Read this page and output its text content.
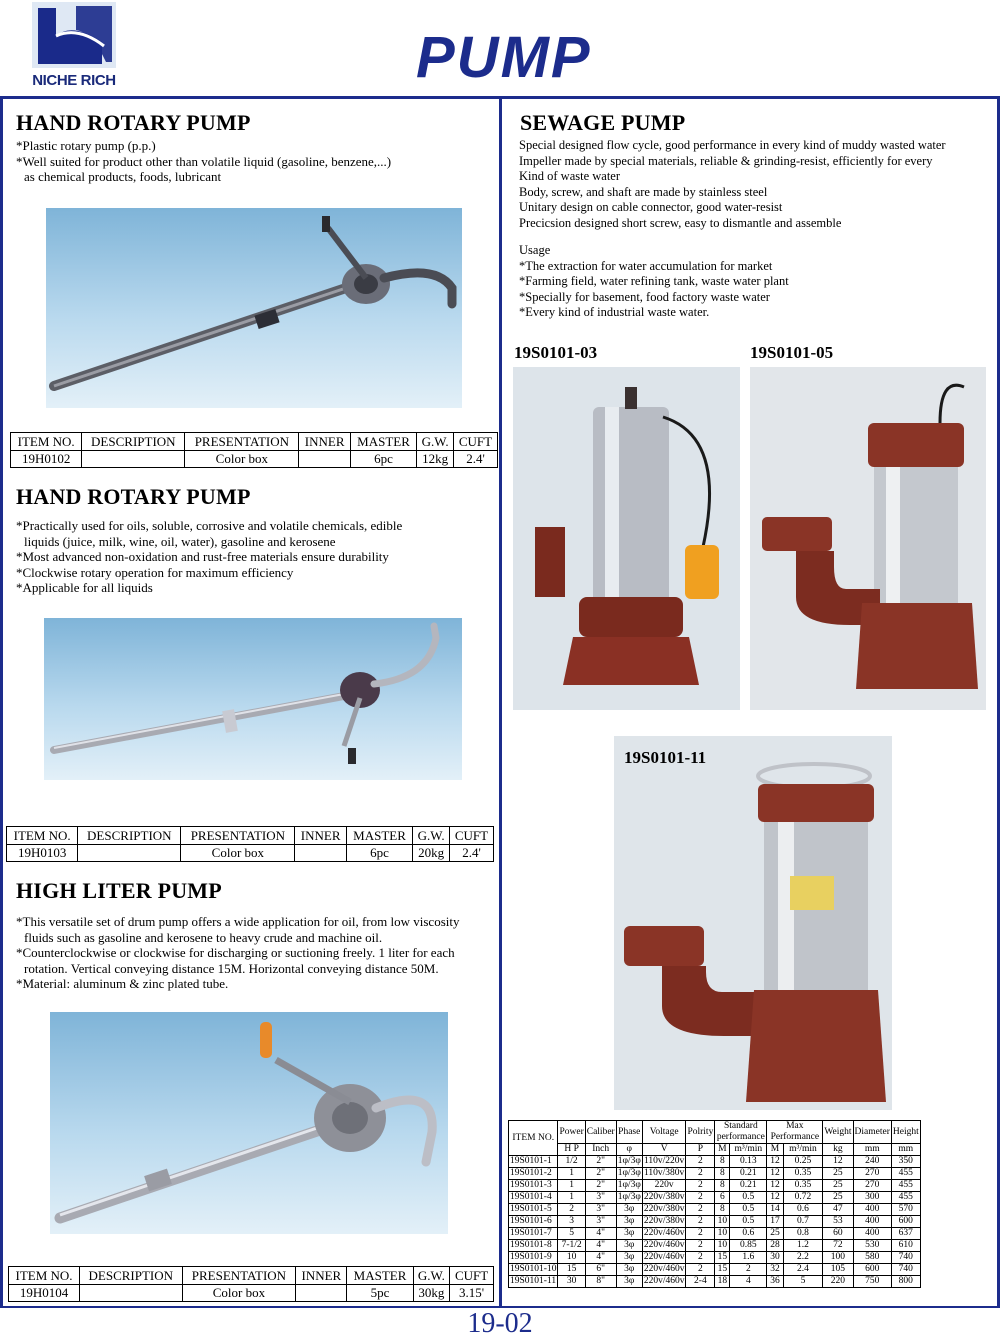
NICHE RICH	PUMP
HAND ROTARY PUMP
*Plastic rotary pump (p.p.)
*Well suited for product other than volatile liquid (gasoline, benzene,...)
as chemical products, foods, lubricant
ITEM NO.	DESCRIPTION	PRESENTATION	INNER	MASTER	G.W.	CUFT
19H0102		Color box		6pc	12kg	2.4'
HAND ROTARY PUMP
*Practically used for oils, soluble, corrosive and volatile chemicals, edible
liquids (juice, milk, wine, oil, water), gasoline and kerosene
*Most advanced non-oxidation and rust-free materials ensure durability
*Clockwise rotary operation for maximum efficiency
*Applicable for all liquids
ITEM NO.	DESCRIPTION	PRESENTATION	INNER	MASTER	G.W.	CUFT
19H0103		Color box		6pc	20kg	2.4'
HIGH LITER PUMP
*This versatile set of drum pump offers a wide application for oil, from low viscosity
fluids such as gasoline and kerosene to heavy crude and machine oil.
*Counterclockwise or clockwise for discharging or suctioning freely. 1 liter for each
rotation. Vertical conveying distance 15M. Horizontal conveying distance 50M.
*Material: aluminum & zinc plated tube.
ITEM NO.	DESCRIPTION	PRESENTATION	INNER	MASTER	G.W.	CUFT
19H0104		Color box		5pc	30kg	3.15'
SEWAGE PUMP
Special designed flow cycle, good performance in every kind of muddy wasted water
Impeller made by special materials, reliable & grinding-resist, efficiently for every
Kind of waste water
Body, screw, and shaft are made by stainless steel
Unitary design on cable connector, good water-resist
Precicsion designed short screw, easy to dismantle and assemble
Usage
*The extraction for water accumulation for market
*Farming field, water refining tank, waste water plant
*Specially for basement, food factory waste water
*Every kind of industrial waste water.
19S0101-03	19S0101-05
19S0101-11
ITEM NO.	Power	Caliber	Phase	Voltage	Polrity	Standard performance		Max Performance		Weight	Diameter	Height
	H P	Inch	φ	V	P	M	m³/min	M	m³/min	kg	mm	mm
19S0101-1	1/2	2"	1φ/3φ	110v/220v	2	8	0.13	12	0.25	12	240	350
19S0101-2	1	2"	1φ/3φ	110v/380v	2	8	0.21	12	0.35	25	270	455
19S0101-3	1	2"	1φ/3φ	220v	2	8	0.21	12	0.35	25	270	455
19S0101-4	1	3"	1φ/3φ	220v/380v	2	6	0.5	12	0.72	25	300	455
19S0101-5	2	3"	3φ	220v/380v	2	8	0.5	14	0.6	47	400	570
19S0101-6	3	3"	3φ	220v/380v	2	10	0.5	17	0.7	53	400	600
19S0101-7	5	4"	3φ	220v/460v	2	10	0.6	25	0.8	60	400	637
19S0101-8	7-1/2	4"	3φ	220v/460v	2	10	0.85	28	1.2	72	530	610
19S0101-9	10	4"	3φ	220v/460v	2	15	1.6	30	2.2	100	580	740
19S0101-10	15	6"	3φ	220v/460v	2	15	2	32	2.4	105	600	740
19S0101-11	30	8"	3φ	220v/460v	2-4	18	4	36	5	220	750	800
19-02
